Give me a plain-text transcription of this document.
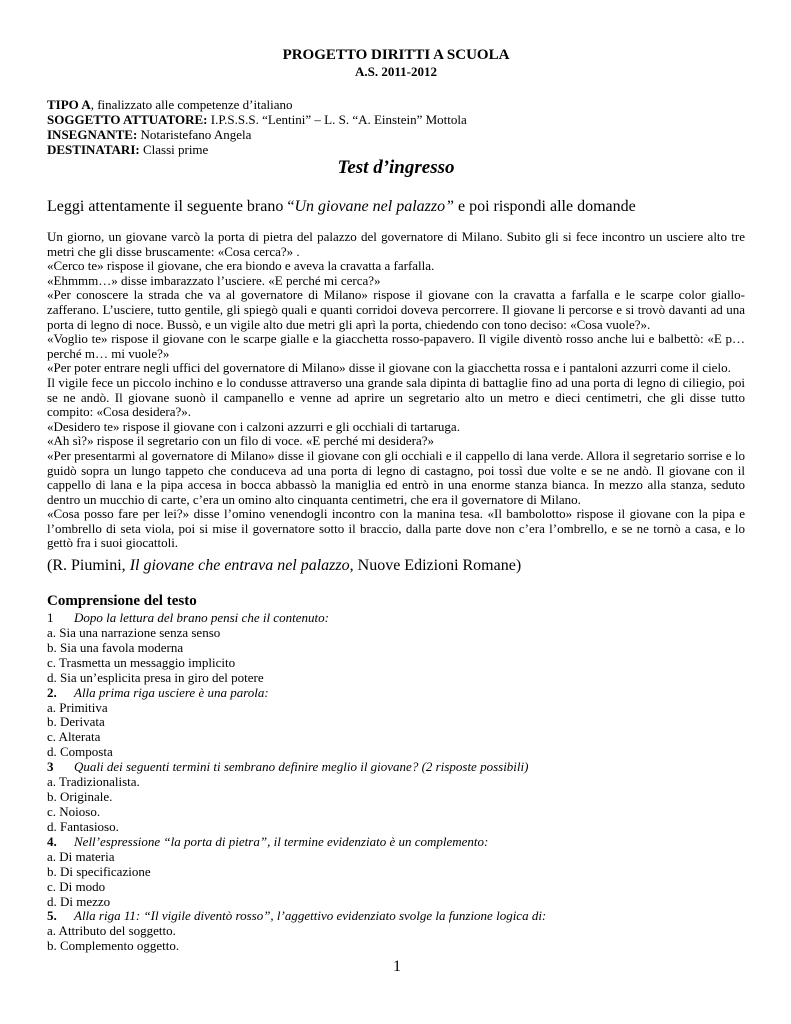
PROGETTO DIRITTI A SCUOLA
A.S. 2011-2012
TIPO A, finalizzato alle competenze d’italiano
SOGGETTO ATTUATORE: I.P.S.S.S. “Lentini” – L. S. “A. Einstein” Mottola
INSEGNANTE: Notaristefano Angela
DESTINATARI: Classi prime
Test d’ingresso
Leggi attentamente il seguente brano “Un giovane nel palazzo” e poi rispondi alle domande

Un giorno, un giovane varcò la porta di pietra del palazzo del governatore di Milano. Subito gli si fece incontro un usciere alto tre metri che gli disse bruscamente: «Cosa cerca?» .

«Cerco te» rispose il giovane, che era biondo e aveva la cravatta a farfalla.

«Ehmmm…» disse imbarazzato l’usciere. «E perché mi cerca?»

«Per conoscere la strada che va al governatore di Milano» rispose il giovane con la cravatta a farfalla e le scarpe color giallo-zafferano. L’usciere, tutto gentile, gli spiegò quali e quanti corridoi doveva percorrere. Il giovane li percorse e si trovò davanti ad una porta di legno di noce. Bussò, e un vigile alto due metri gli aprì la porta, chiedendo con tono deciso: «Cosa vuole?».

«Voglio te» rispose il giovane con le scarpe gialle e la giacchetta rosso-papavero. Il vigile diventò rosso anche lui e balbettò: «E p… perché m… mi vuole?»

«Per poter entrare negli uffici del governatore di Milano» disse il giovane con la giacchetta rossa e i pantaloni azzurri come il cielo.

Il vigile fece un piccolo inchino e lo condusse attraverso una grande sala dipinta di battaglie fino ad una porta di legno di ciliegio, poi se ne andò. Il giovane suonò il campanello e venne ad aprire un segretario alto un metro e dieci centimetri, che gli disse tutto compito: «Cosa desidera?».

«Desidero te» rispose il giovane con i calzoni azzurri e gli occhiali di tartaruga.

«Ah sì?» rispose il segretario con un filo di voce. «E perché mi desidera?»

«Per presentarmi al governatore di Milano» disse il giovane con gli occhiali e il cappello di lana verde. Allora il segretario sorrise e lo guidò sopra un lungo tappeto che conduceva ad una porta di legno di castagno, poi tossì due volte e se ne andò. Il giovane con il cappello di lana e la pipa accesa in bocca abbassò la maniglia ed entrò in una enorme stanza bianca. In mezzo alla stanza, seduto dentro un mucchio di carte, c’era un omino alto cinquanta centimetri, che era il governatore di Milano.

«Cosa posso fare per lei?» disse l’omino venendogli incontro con la manina tesa. «Il bambolotto» rispose il giovane con la pipa e l’ombrello di seta viola, poi si mise il governatore sotto il braccio, dalla parte dove non c’era l’ombrello, e se ne tornò a casa, e lo gettò fra i suoi giocattoli.

(R. Piumini, Il giovane che entrava nel palazzo, Nuove Edizioni Romane)
Comprensione del testo
1 Dopo la lettura del brano pensi che il contenuto:
a. Sia una narrazione senza senso
b. Sia una favola moderna
c. Trasmetta un messaggio implicito
d. Sia un’esplicita presa in giro del potere
2. Alla prima riga usciere è una parola:
a. Primitiva
b. Derivata
c. Alterata
d. Composta
3 Quali dei seguenti termini ti sembrano definire meglio il giovane? (2 risposte possibili)
a. Tradizionalista.
b. Originale.
c. Noioso.
d. Fantasioso.
4. Nell’espressione “la porta di pietra”, il termine evidenziato è un complemento:
a. Di materia
b. Di specificazione
c. Di modo
d. Di mezzo
5. Alla riga 11: “Il vigile diventò rosso”, l’aggettivo evidenziato svolge la funzione logica di:
a. Attributo del soggetto.
b. Complemento oggetto.
1
